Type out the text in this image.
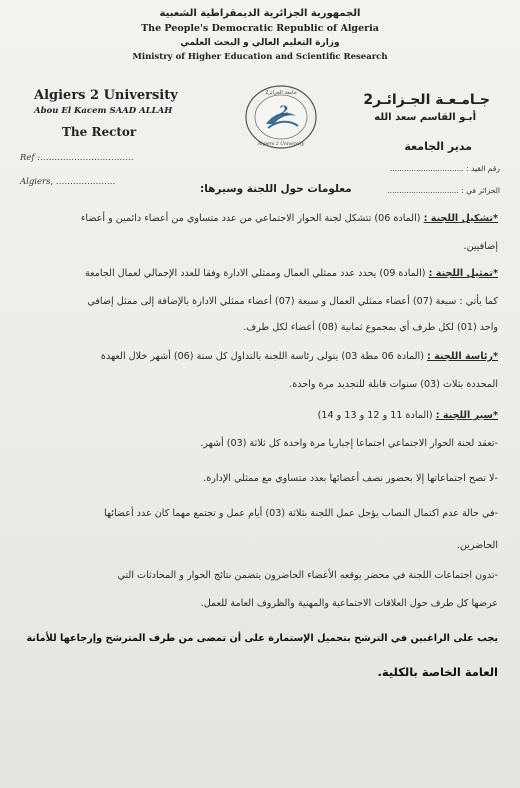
الجمهورية الجزائرية الديمقراطية الشعبية
The People's Democratic Republic of Algeria
وزارة التعليم العالي و البحث العلمي
Ministry of Higher Education and Scientific Research
Algiers 2 University
Abou El Kacem SAAD ALLAH
The Rector
Ref :……………………………
Algiers, …………………
جامعة الجزائر2
Algiers 2 University
2
جـامـعـة الجـزائـر2
أبـو القاسم سعد الله
مدير الجامعة
رقم القيد : ...............................
الجزائر في : ..............................
معلومات حول اللجنة وسيرها:
*تشكيل اللجنة : (المادة 06) تتشكل لجنة الحوار الاجتماعي من عدد متساوي من أعضاء دائمين و أعضاء
إضافيين.
*تمثيل اللجنة : (المادة 09) يحدد عدد ممثلي العمال وممثلي الادارة وفقا للعدد الإجمالي لعمال الجامعة
كما يأتي : سبعة (07) أعضاء ممثلي العمال و سبعة (07) أعضاء ممثلي الادارة بالإضافة إلى ممثل إضافي
واحد (01) لكل طرف أي بمجموع ثمانية (08) أعضاء لكل طرف.
*رئاسة اللجنة : (المادة 06 مطة 03) يتولى رئاسة اللجنة بالتداول كل ستة (06) أشهر خلال العهدة
المحددة بثلاث (03) سنوات قابلة للتجديد مرة واحدة.
*سير اللجنة : (المادة 11 و 12 و 13 و 14)
-تعقد لجنة الحوار الاجتماعي اجتماعا إجباريا مرة واحدة كل ثلاثة (03) أشهر.
-لا تصح اجتماعاتها إلا بحضور نصف أعضائها بعدد متساوي مع ممثلي الإدارة.
-في حالة عدم اكتمال النصاب يؤجل عمل اللجنة بثلاثة (03) أيام عمل و تجتمع مهما كان عدد أعضائها
الحاضرين.
-تدون اجتماعات اللجنة في محضر يوقعه الأعضاء الحاضرون يتضمن نتائج الحوار و المحادثات التي
عرضها كل طرف حول العلاقات الاجتماعية والمهنية والظروف العامة للعمل.
يجب على الراغبين في الترشح بتحميل الإستمارة على أن تمضى من طرف المترشح وإرجاعها للأمانة
العامة الخاصة بالكلية.
